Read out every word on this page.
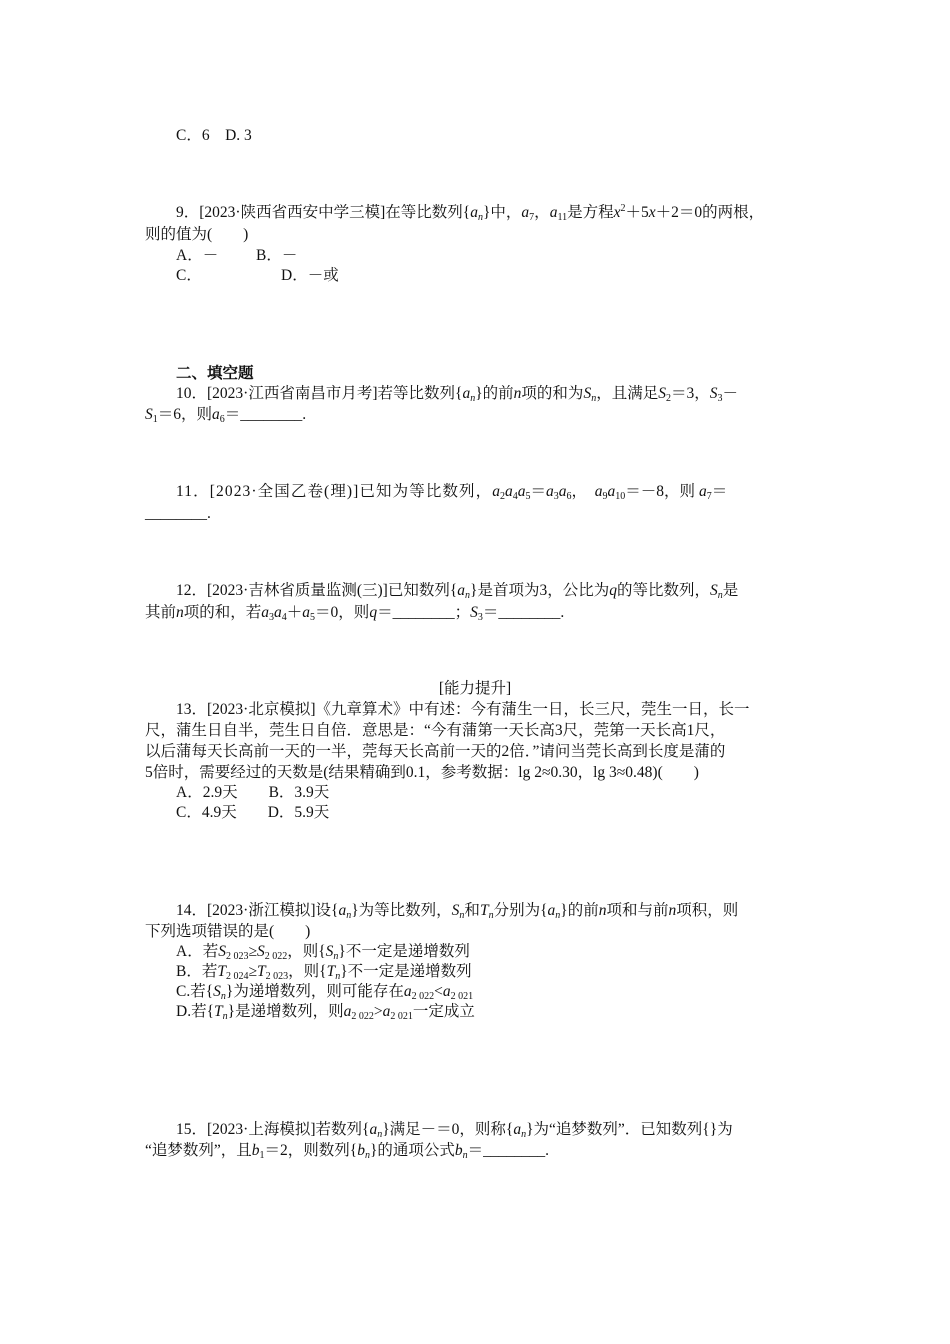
C．6　D. 3
9．[2023·陕西省西安中学三模]在等比数列$\{a_n\}$中，$a_7$，$a_{11}$是方程$x^2+5x+2=0$的两根，
则的值为(　　)
A．－ B．－
C．	D．－或
二、填空题
10．[2023·江西省南昌市月考]若等比数列$\{a_n\}$的前n项的和为$S_n$，且满足$S_2=3$，$S_3-$
$S_1=6$，则$a_6=\_\_\_\_\_\_\_\_$.
11．[2023·全国乙卷(理)]已知为等比数列，$a_2a_4a_5=a_3a_6$， $a_9a_{10}=-8$，则 $a_7=$
________.
12．[2023·吉林省质量监测(三)]已知数列$\{a_n\}$是首项为3，公比为q的等比数列，$S_n$是
其前n项的和，若$a_3a_4+a_5=0$，则q＝________；$S_3=\_\_\_\_\_\_\_\_$.
[能力提升]
13．[2023·北京模拟]《九章算术》中有述：今有蒲生一日，长三尺，莞生一日，长一
尺，蒲生日自半，莞生日自倍．意思是：“今有蒲第一天长高3尺，莞第一天长高1尺，
以后蒲每天长高前一天的一半，莞每天长高前一天的2倍．”请问当莞长高到长度是蒲的
5倍时，需要经过的天数是(结果精确到0.1，参考数据：lg 2≈0.30，lg 3≈0.48)(　　)
A．2.9天　　B．3.9天
C．4.9天　　D．5.9天
14．[2023·浙江模拟]设$\{a_n\}$为等比数列，$S_n$和$T_n$分别为$\{a_n\}$的前n项和与前n项积，则
下列选项错误的是(　　)
A．若$S_{2 023}\ge S_{2 022}$，则$\{S_n\}$不一定是递增数列
B．若$T_{2 024}\ge T_{2 023}$，则$\{T_n\}$不一定是递增数列
C.若$\{S_n\}$为递增数列，则可能存在$a_{2 022}<a_{2 021}$
D.若$\{T_n\}$是递增数列，则$a_{2 022}>a_{2 021}$一定成立
15．[2023·上海模拟]若数列$\{a_n\}$满足－＝0，则称$\{a_n\}$为“追梦数列”．已知数列{}为
“追梦数列”，且$b_1=2$，则数列$\{b_n\}$的通项公式$b_n=\_\_\_\_\_\_\_\_$.
